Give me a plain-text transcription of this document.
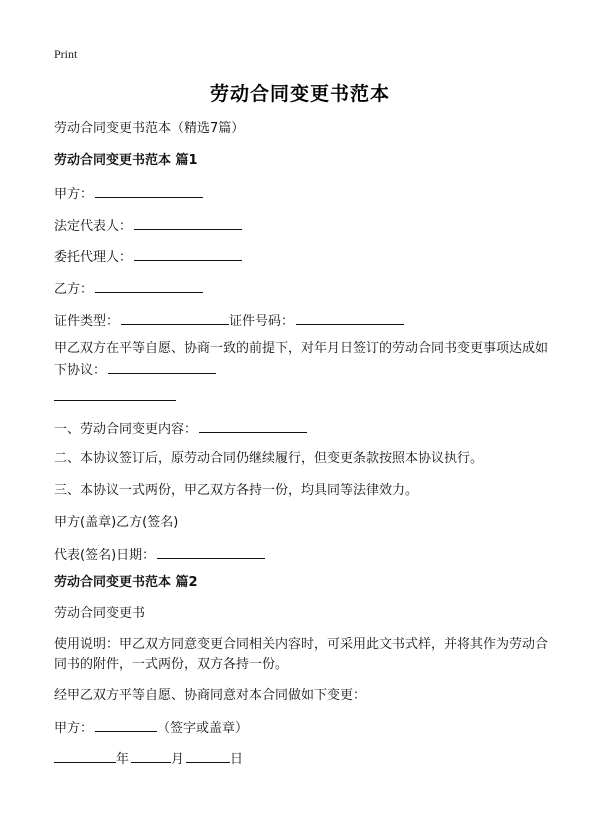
Print
劳动合同变更书范本
劳动合同变更书范本（精选7篇）
劳动合同变更书范本 篇1
甲方：
法定代表人：
委托代理人：
乙方：
证件类型：	证件号码：
甲乙双方在平等自愿、协商一致的前提下，对年月日签订的劳动合同书变更事项达成如下协议：
一、劳动合同变更内容：
二、本协议签订后，原劳动合同仍继续履行，但变更条款按照本协议执行。
三、本协议一式两份，甲乙双方各持一份，均具同等法律效力。
甲方(盖章)乙方(签名)
代表(签名)日期：
劳动合同变更书范本 篇2
劳动合同变更书
使用说明：甲乙双方同意变更合同相关内容时，可采用此文书式样，并将其作为劳动合同书的附件，一式两份，双方各持一份。
经甲乙双方平等自愿、协商同意对本合同做如下变更：
甲方：	（签字或盖章）
年	月	日
